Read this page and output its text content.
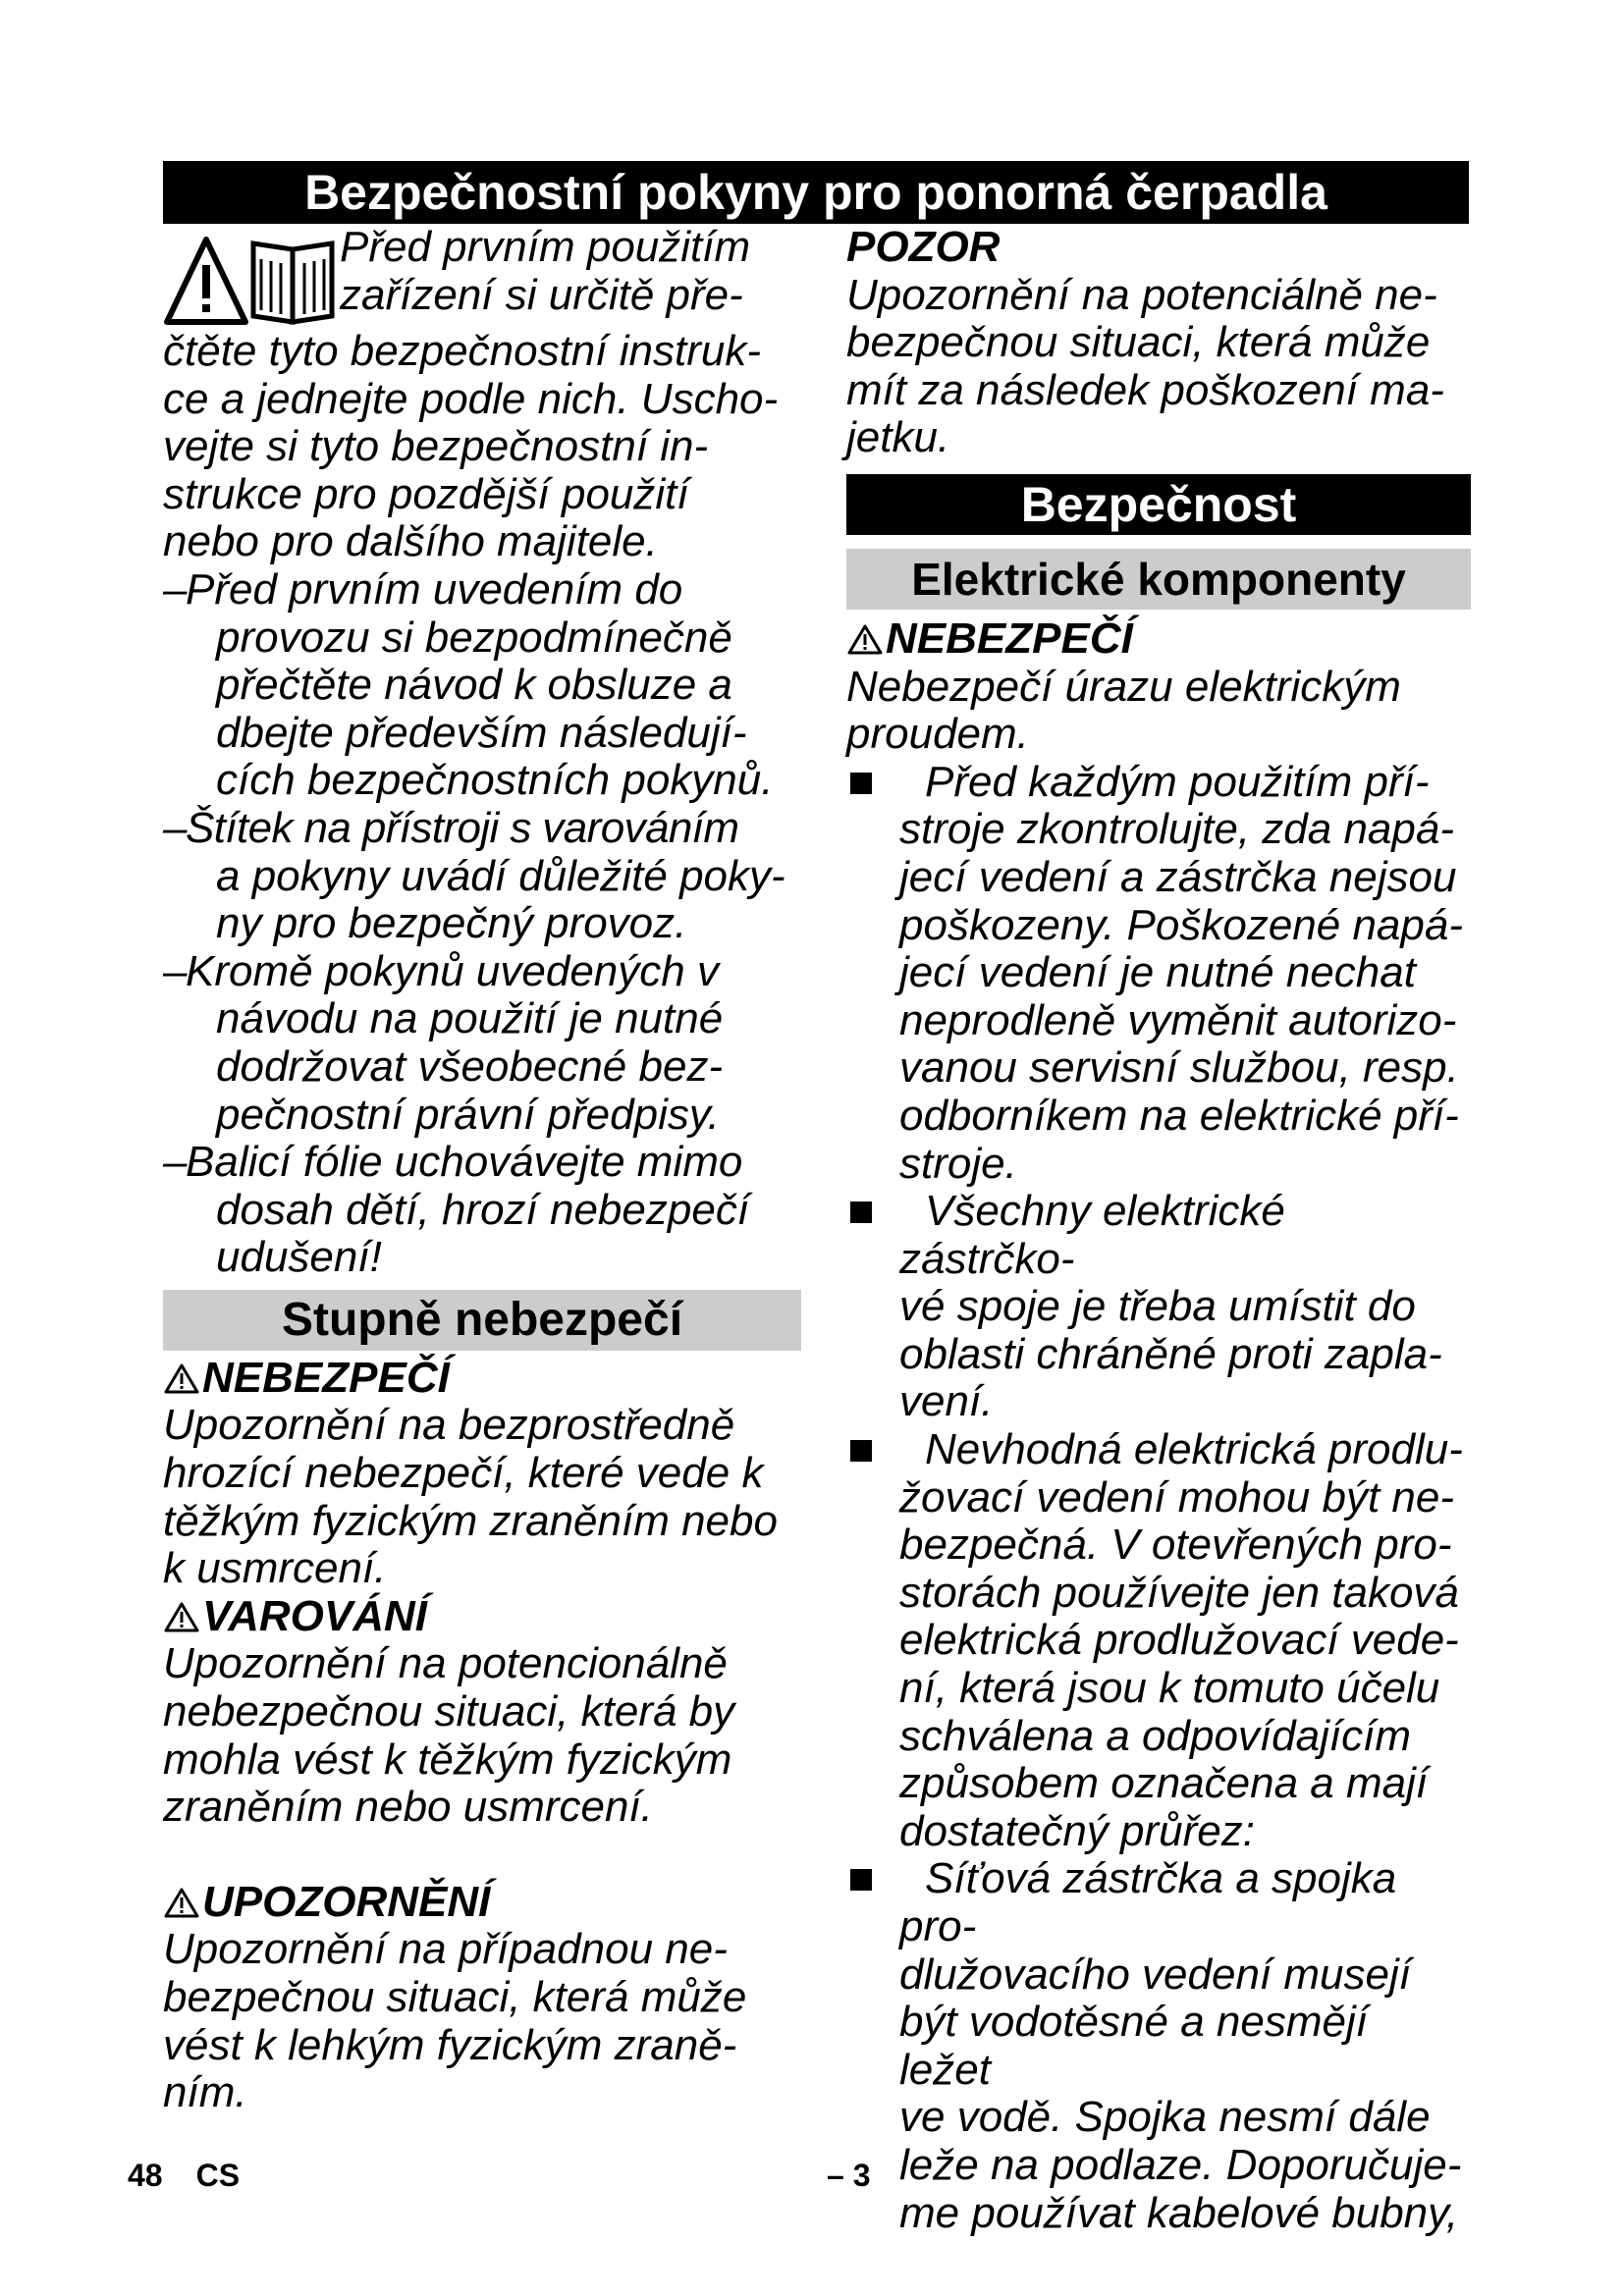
Bezpečnostní pokyny pro ponorná čerpadla
Před prvním použitím
zařízení si určitě pře-
čtěte tyto bezpečnostní instruk-
ce a jednejte podle nich. Uscho-
vejte si tyto bezpečnostní in-
strukce pro pozdější použití
nebo pro dalšího majitele.
–
Před prvním uvedením do
provozu si bezpodmínečně
přečtěte návod k obsluze a
dbejte především následují-
cích bezpečnostních pokynů.
–
Štítek na přístroji s varováním
a pokyny uvádí důležité poky-
ny pro bezpečný provoz.
–
Kromě pokynů uvedených v
návodu na použití je nutné
dodržovat všeobecné bez-
pečnostní právní předpisy.
–
Balicí fólie uchovávejte mimo
dosah dětí, hrozí nebezpečí
udušení!
Stupně nebezpečí
NEBEZPEČÍ
Upozornění na bezprostředně
hrozící nebezpečí, které vede k
těžkým fyzickým zraněním nebo
k usmrcení.
VAROVÁNÍ
Upozornění na potencionálně
nebezpečnou situaci, která by
mohla vést k těžkým fyzickým
zraněním nebo usmrcení.
UPOZORNĚNÍ
Upozornění na případnou ne-
bezpečnou situaci, která může
vést k lehkým fyzickým zraně-
ním.
POZOR
Upozornění na potenciálně ne-
bezpečnou situaci, která může
mít za následek poškození ma-
jetku.
Bezpečnost
Elektrické komponenty
NEBEZPEČÍ
Nebezpečí úrazu elektrickým
proudem.
Před každým použitím pří-
stroje zkontrolujte, zda napá-
jecí vedení a zástrčka nejsou
poškozeny. Poškozené napá-
jecí vedení je nutné nechat
neprodleně vyměnit autorizo-
vanou servisní službou, resp.
odborníkem na elektrické pří-
stroje.
Všechny elektrické zástrčko-
vé spoje je třeba umístit do
oblasti chráněné proti zapla-
vení.
Nevhodná elektrická prodlu-
žovací vedení mohou být ne-
bezpečná. V otevřených pro-
storách používejte jen taková
elektrická prodlužovací vede-
ní, která jsou k tomuto účelu
schválena a odpovídajícím
způsobem označena a mají
dostatečný průřez:
Síťová zástrčka a spojka pro-
dlužovacího vedení musejí
být vodotěsné a nesmějí ležet
ve vodě. Spojka nesmí dále
leže na podlaze. Doporučuje-
me používat kabelové bubny,
48 CS	– 3
